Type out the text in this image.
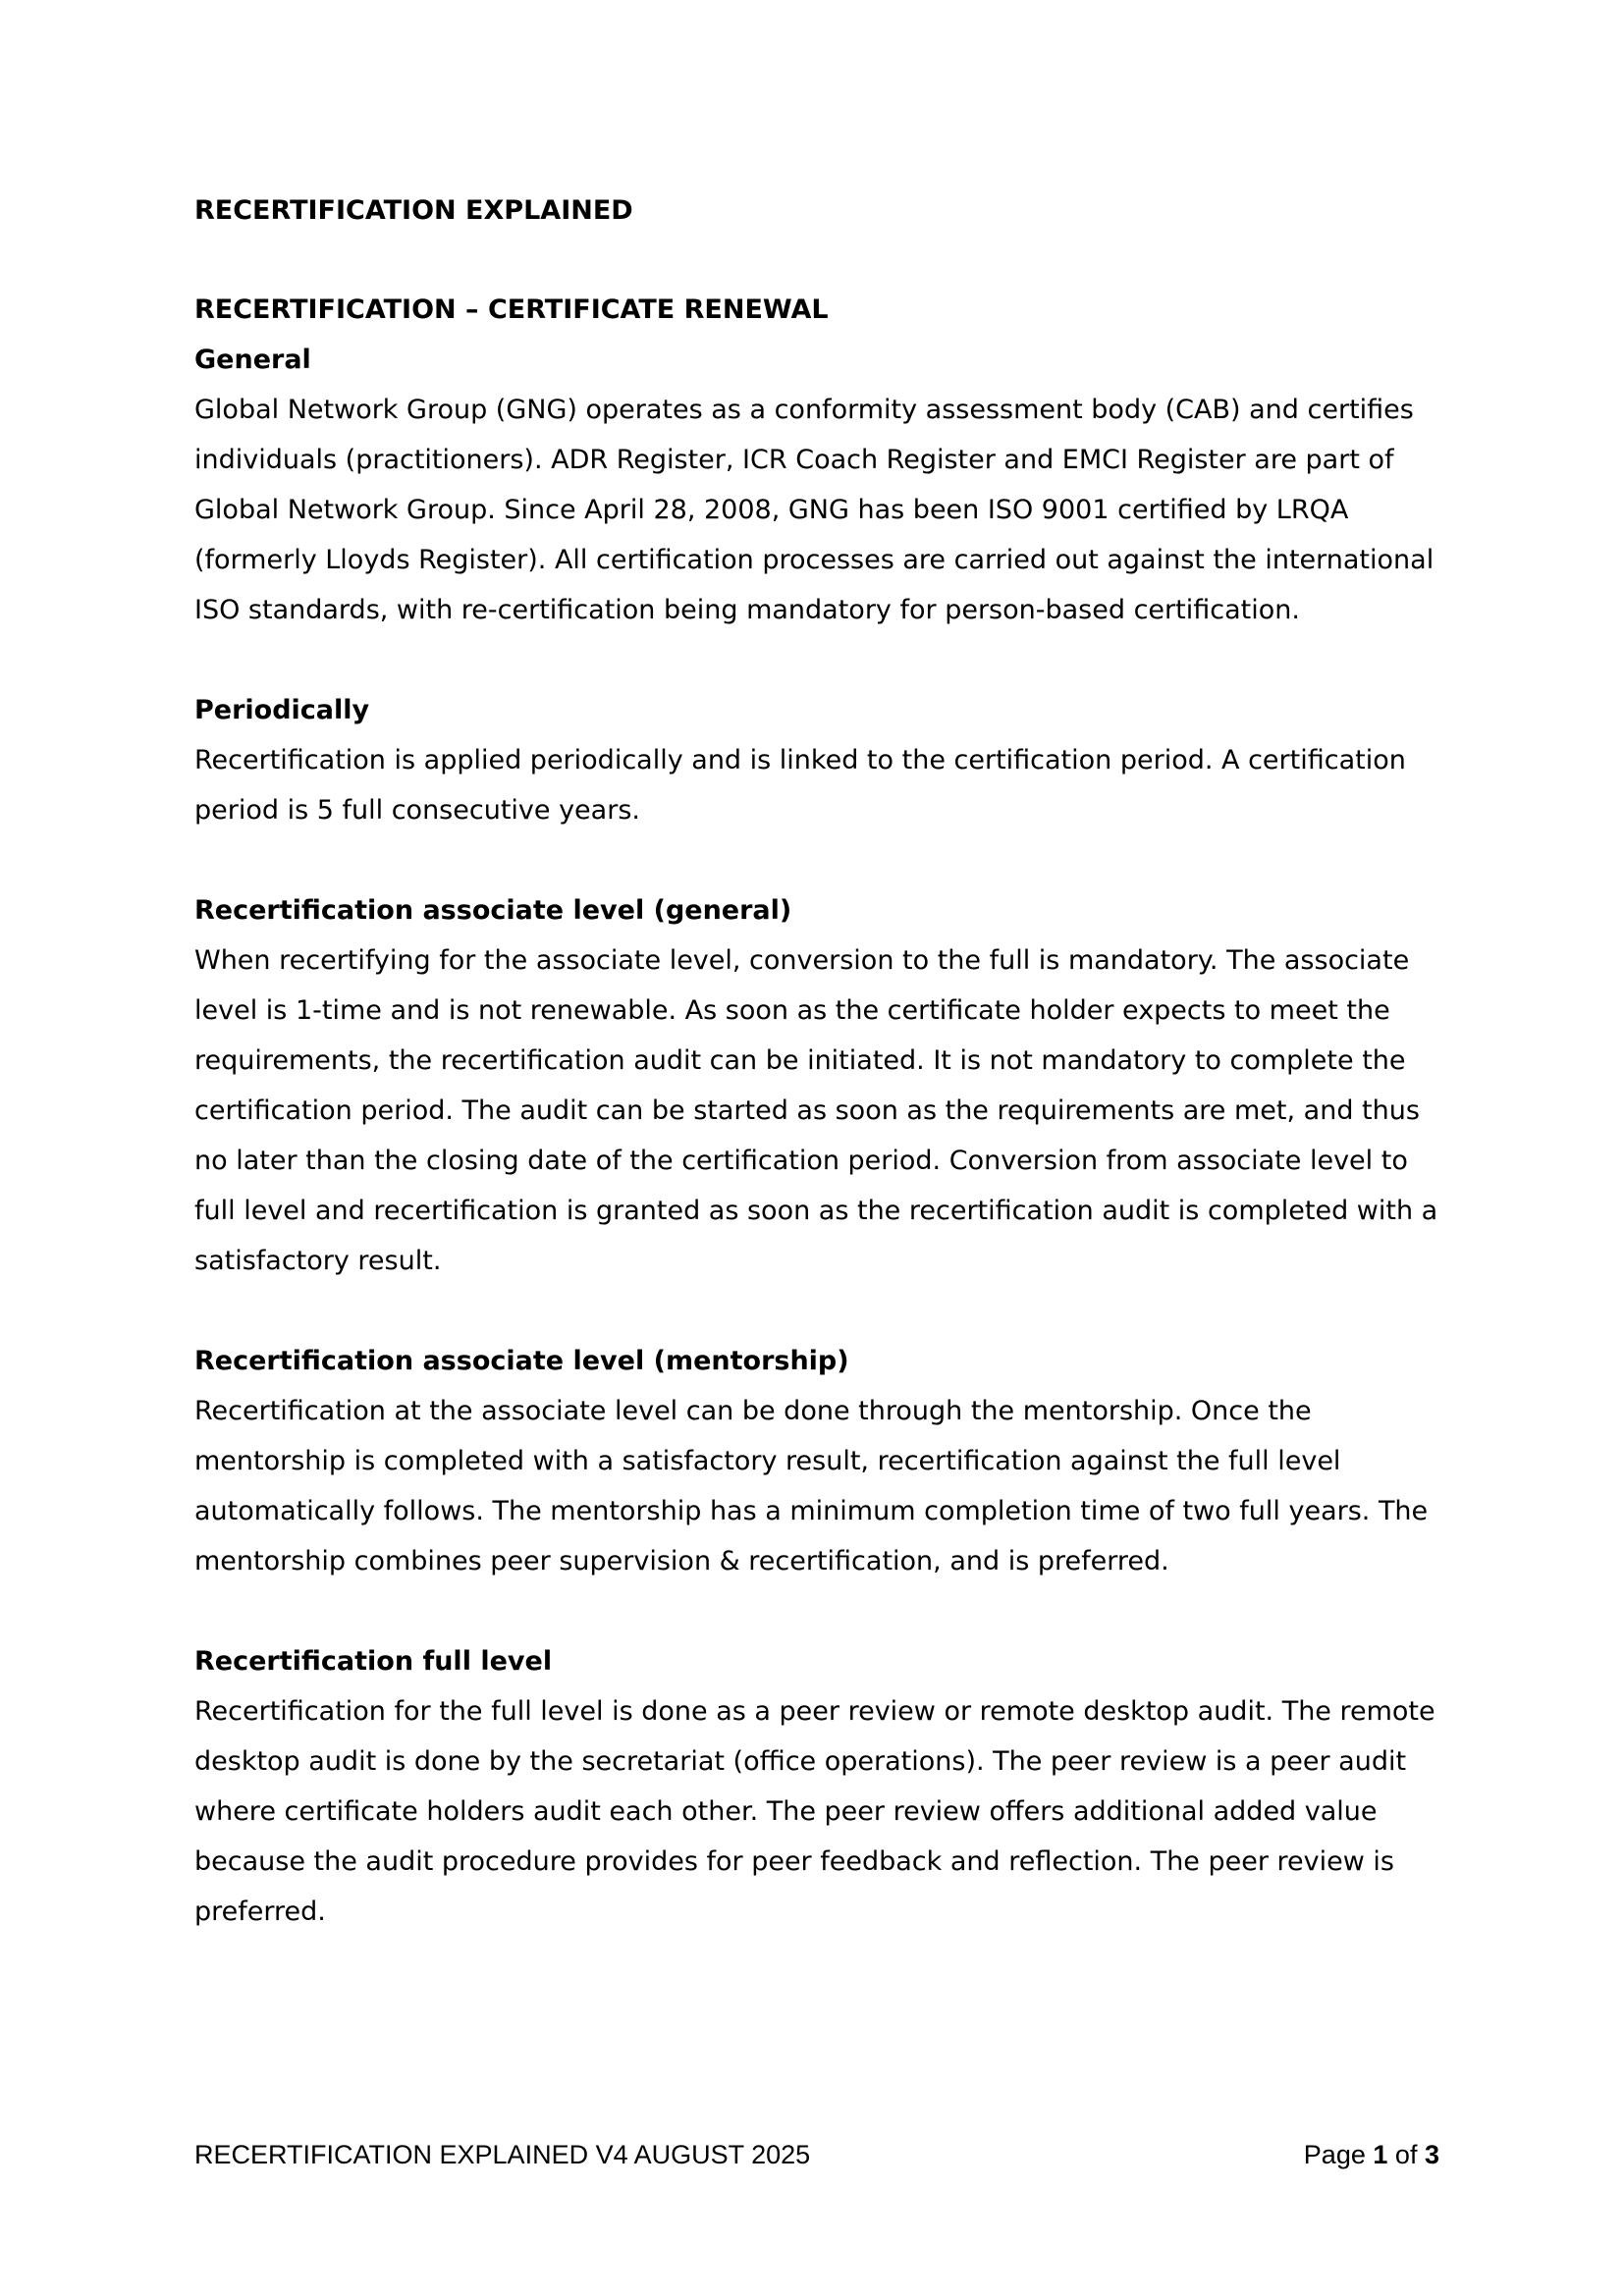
RECERTIFICATION EXPLAINED
RECERTIFICATION – CERTIFICATE RENEWAL
General

Global Network Group (GNG) operates as a conformity assessment body (CAB) and certifies individuals (practitioners). ADR Register, ICR Coach Register and EMCI Register are part of Global Network Group. Since April 28, 2008, GNG has been ISO 9001 certified by LRQA (formerly Lloyds Register). All certification processes are carried out against the international ISO standards, with re-certification being mandatory for person-based certification.

Periodically

Recertification is applied periodically and is linked to the certification period. A certification period is 5 full consecutive years.

Recertification associate level (general)

When recertifying for the associate level, conversion to the full is mandatory. The associate level is 1-time and is not renewable. As soon as the certificate holder expects to meet the requirements, the recertification audit can be initiated. It is not mandatory to complete the certification period. The audit can be started as soon as the requirements are met, and thus no later than the closing date of the certification period. Conversion from associate level to full level and recertification is granted as soon as the recertification audit is completed with a satisfactory result.

Recertification associate level (mentorship)

Recertification at the associate level can be done through the mentorship. Once the mentorship is completed with a satisfactory result, recertification against the full level automatically follows. The mentorship has a minimum completion time of two full years. The mentorship combines peer supervision & recertification, and is preferred.

Recertification full level

Recertification for the full level is done as a peer review or remote desktop audit. The remote desktop audit is done by the secretariat (office operations). The peer review is a peer audit where certificate holders audit each other. The peer review offers additional added value because the audit procedure provides for peer feedback and reflection. The peer review is preferred.

RECERTIFICATION EXPLAINED V4 AUGUST 2025	Page 1 of 3
